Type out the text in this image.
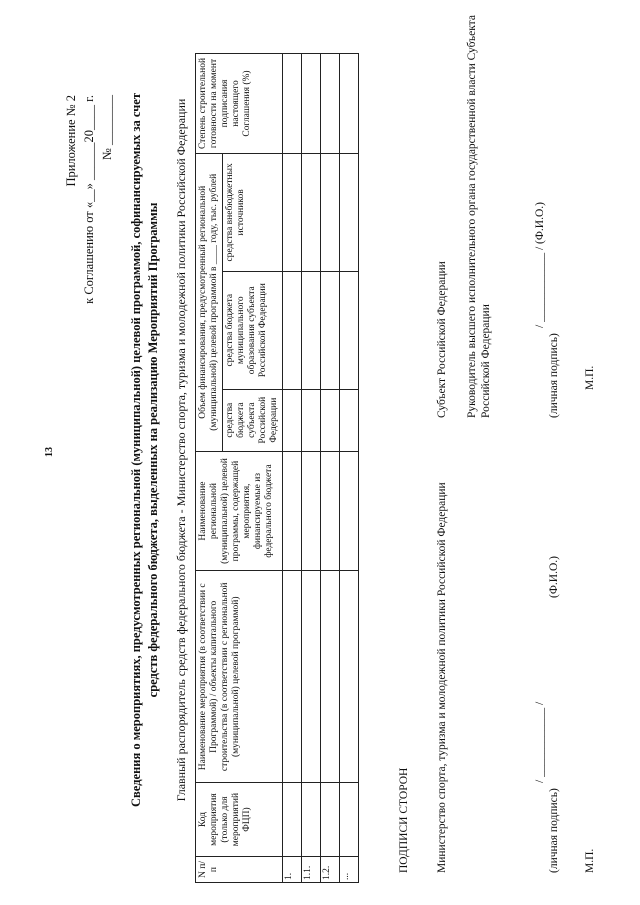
13
Приложение № 2 к Соглашению от «__» ______20____ г. № ________ Сведения о мероприятиях, предусмотренных региональной (муниципальной) целевой программой, софинансируемых за счет средств федерального бюджета, выделенных на реализацию Мероприятий Программы Главный распорядитель средств федерального бюджета - Министерство спорта, туризма и молодежной политики Российской Федерации
N п/п	Код мероприятия (только для мероприятий ФЦП)	Наименование мероприятия (в соответствии с Программой) / объекты капитального строительства (в соответствии с региональной (муниципальной) целевой программой)	Наименование региональной (муниципальной) целевой программы, содержащей мероприятия, финансируемые из федерального бюджета	Объем финансирования, предусмотренный региональной (муниципальной) целевой программой в ____ году, тыс. рублей			Степень строительной готовности на момент подписания настоящего Соглашения (%)
				средства бюджета субъекта Российской Федерации	средства бюджета муниципального образования субъекта Российской Федерации	средства внебюджетных источников	
1.							
1.1.							
1.2.							
...							
ПОДПИСИ СТОРОН Министерство спорта, туризма и молодежной политики Российской Федерации	(личная подпись)
/ ____________ /
(Ф.И.О.)
М.П.
Субъект Российской Федерации Руководитель высшего исполнительного органа государственной власти Субъекта Российской Федерации	(личная подпись)
/ ____________ / (Ф.И.О.)
М.П.
